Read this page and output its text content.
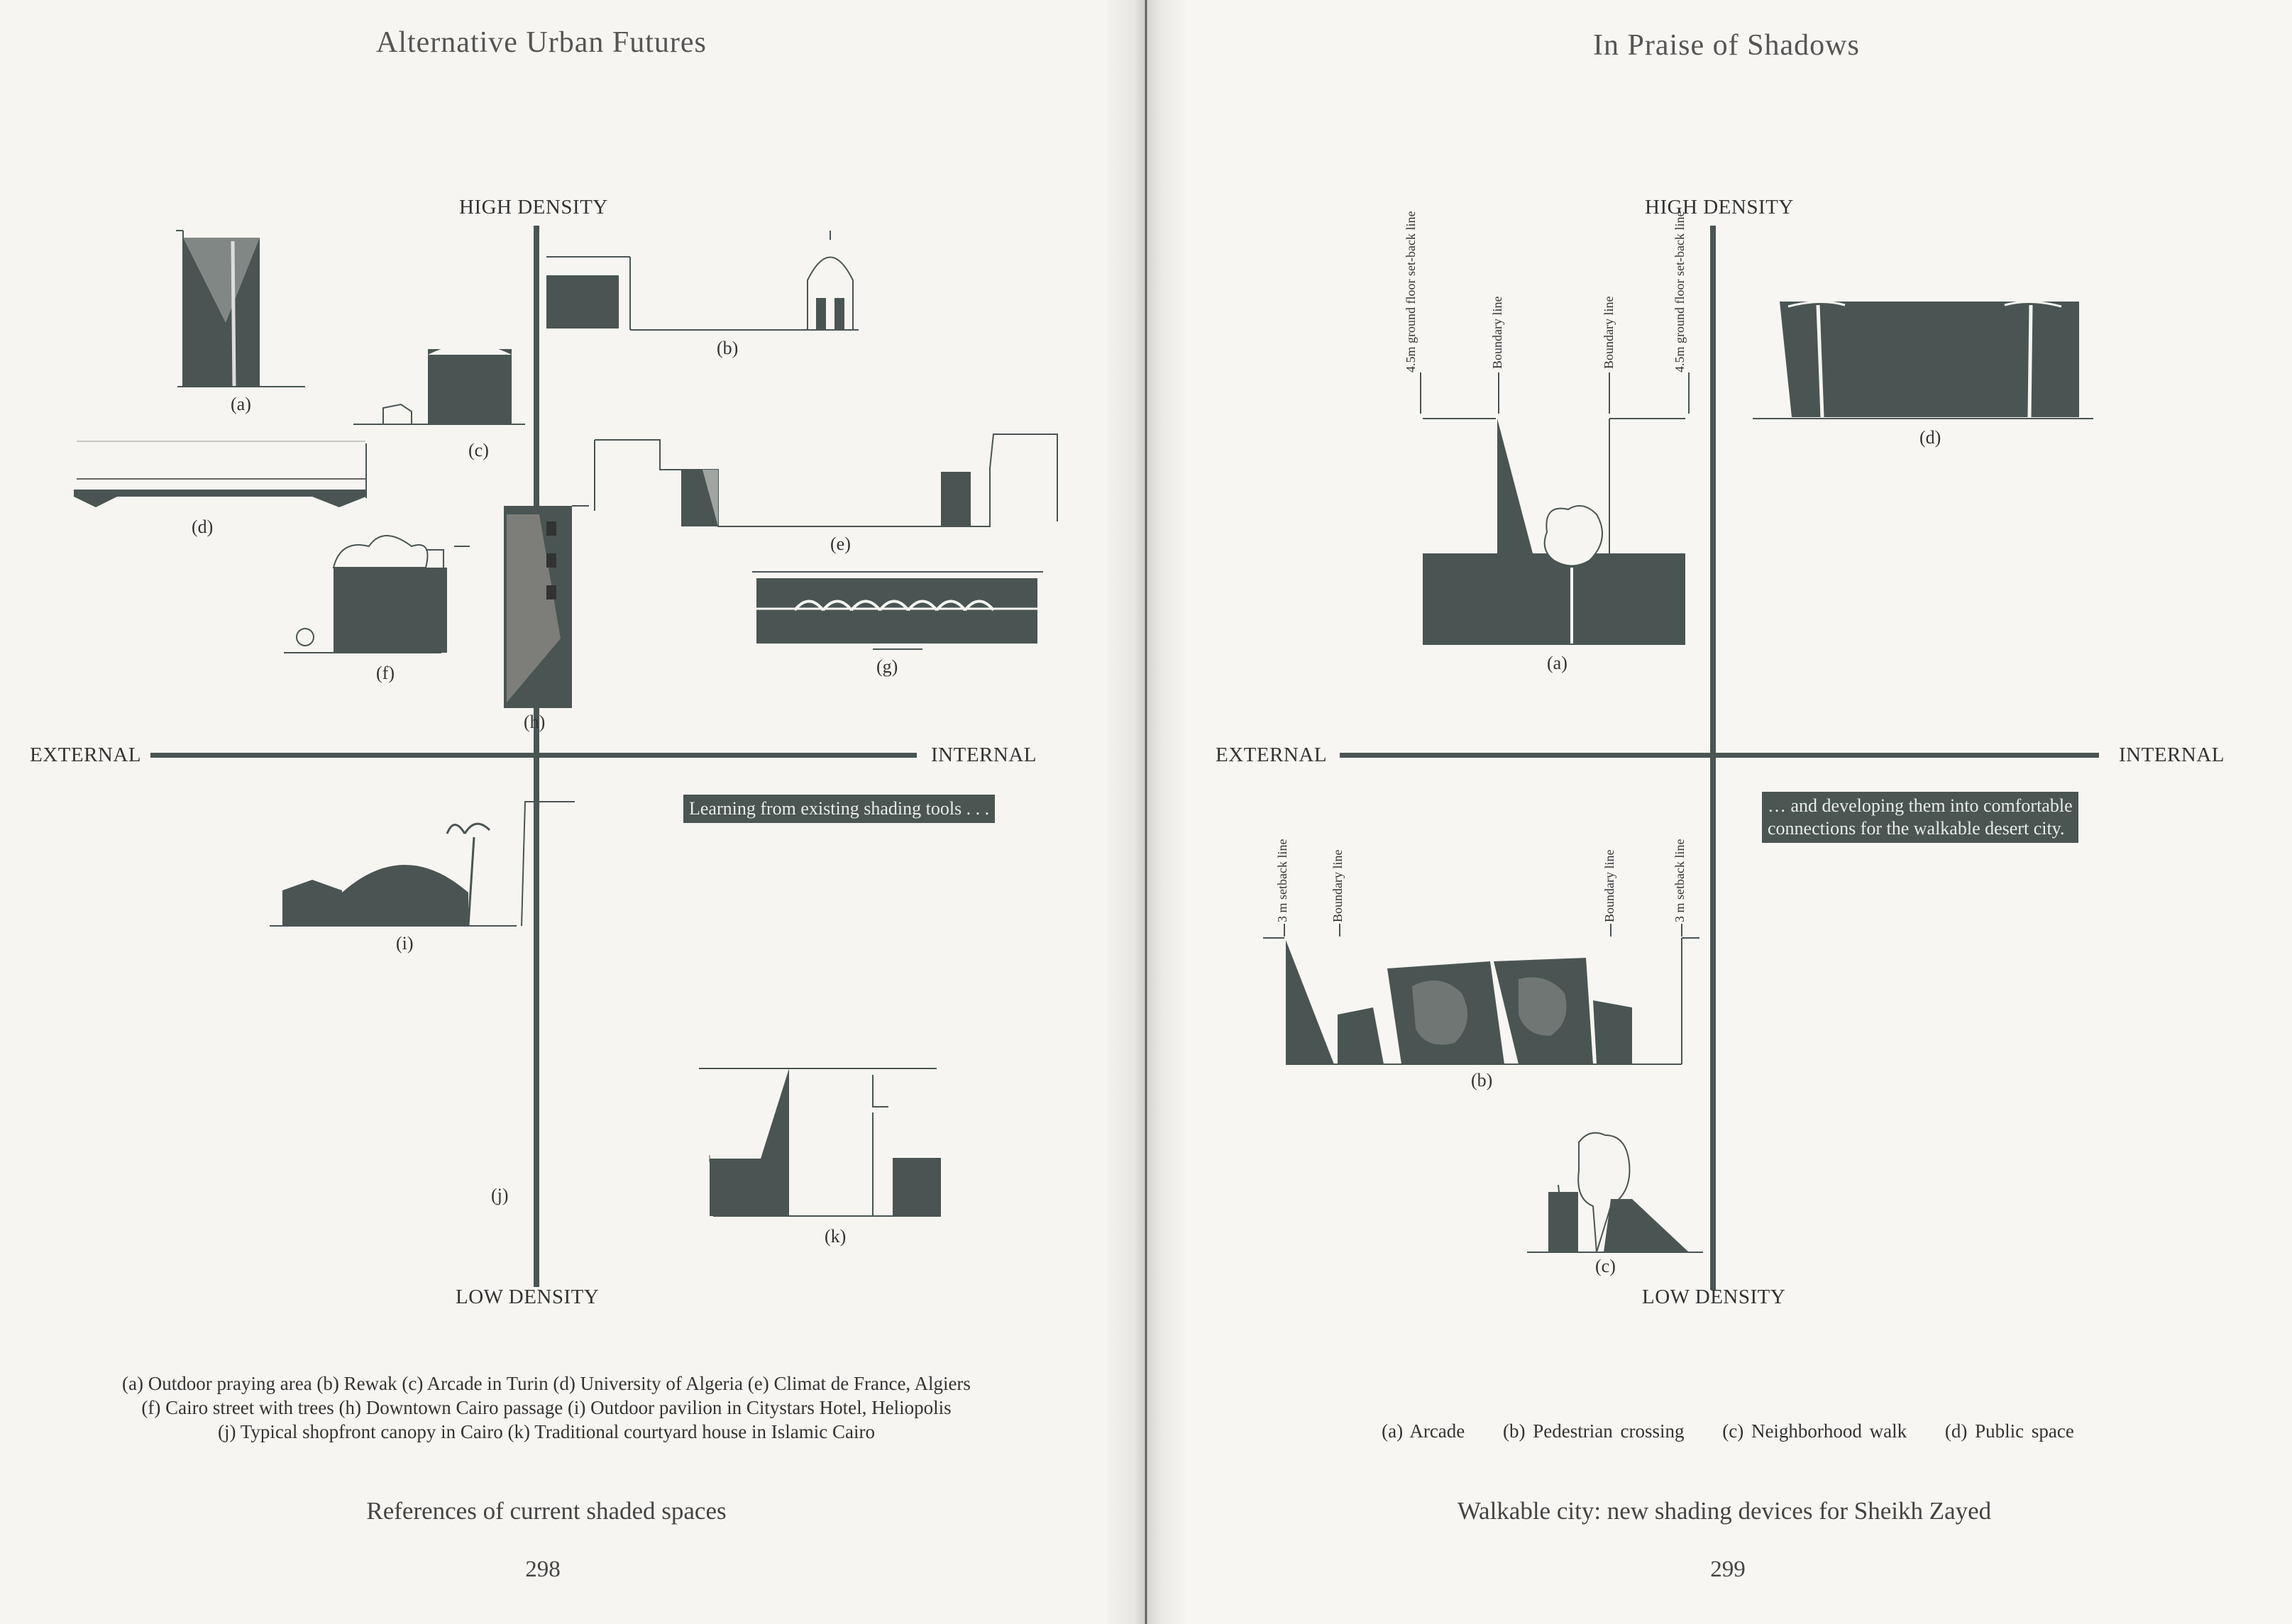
Alternative Urban Futures
HIGH DENSITY
LOW DENSITY
EXTERNAL	INTERNAL
(a)
(b)
(c)
(d)
(e)
(f)	(g)
(h)
(i)
(j)
(k)
Learning from existing shading tools . . .
(a) Outdoor praying area (b) Rewak (c) Arcade in Turin (d) University of Algeria (e) Climat de France, Algiers
(f) Cairo street with trees (h) Downtown Cairo passage (i) Outdoor pavilion in Citystars Hotel, Heliopolis
(j) Typical shopfront canopy in Cairo (k) Traditional courtyard house in Islamic Cairo
References of current shaded spaces
298
In Praise of Shadows
HIGH DENSITY
LOW DENSITY
EXTERNAL	INTERNAL
4.5m ground floor set-back line	Boundary line	Boundary line	4.5m ground floor set-back line
3 m setback line	Boundary line	Boundary line	3 m setback line
(a)
(b)
(c)
(d)
… and developing them into comfortable
connections for the walkable desert city.
(a) Arcade (b) Pedestrian crossing (c) Neighborhood walk (d) Public space
Walkable city: new shading devices for Sheikh Zayed
299
